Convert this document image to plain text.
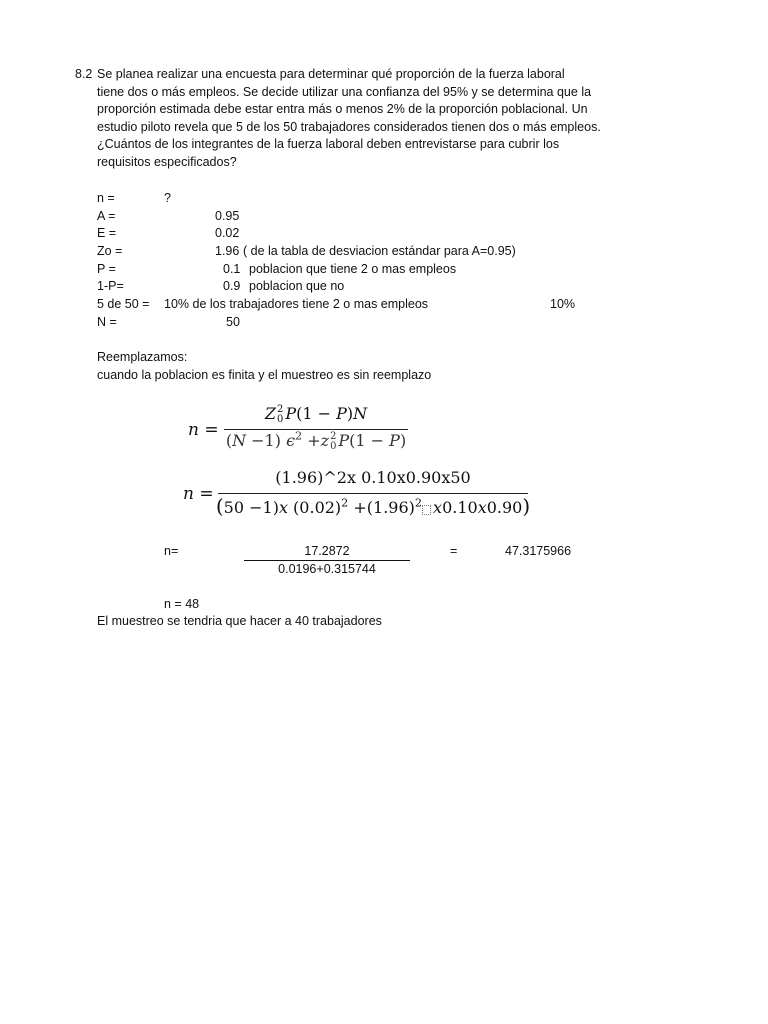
8.2 Se planea realizar una encuesta para determinar qué proporción de la fuerza laboral
tiene dos o más empleos. Se decide utilizar una confianza del 95% y se determina que la
proporción estimada debe estar entra más o menos 2% de la proporción poblacional. Un
estudio piloto revela que 5 de los 50 trabajadores considerados tienen dos o más empleos.
¿Cuántos de los integrantes de la fuerza laboral deben entrevistarse para cubrir los
requisitos especificados?
n =	?
A =	0.95
E =	0.02
Zo =	1.96 ( de la tabla de desviacion estándar para A=0.95)
P =	0.1 poblacion que tiene 2 o mas empleos
1-P=	0.9 poblacion que no
5 de 50 = 10% de los trabajadores tiene 2 o mas empleos	10%
N =	50
Reemplazamos:
cuando la poblacion es finita y el muestreo es sin reemplazo
n =
Z 2
0 P(1 − P)N
(N −1) $\epsilon^2 +z$ 2
0 P(1 − P)
n =
(1.96)^2x 0.10x0.90x50
(50 −1)x $(0.02)^2 +(1.96)^2$ x0.10x0.90)
n=	17.2872
0.0196+0.315744
=	47.3175966
n = 48
El muestreo se tendria que hacer a 40 trabajadores
